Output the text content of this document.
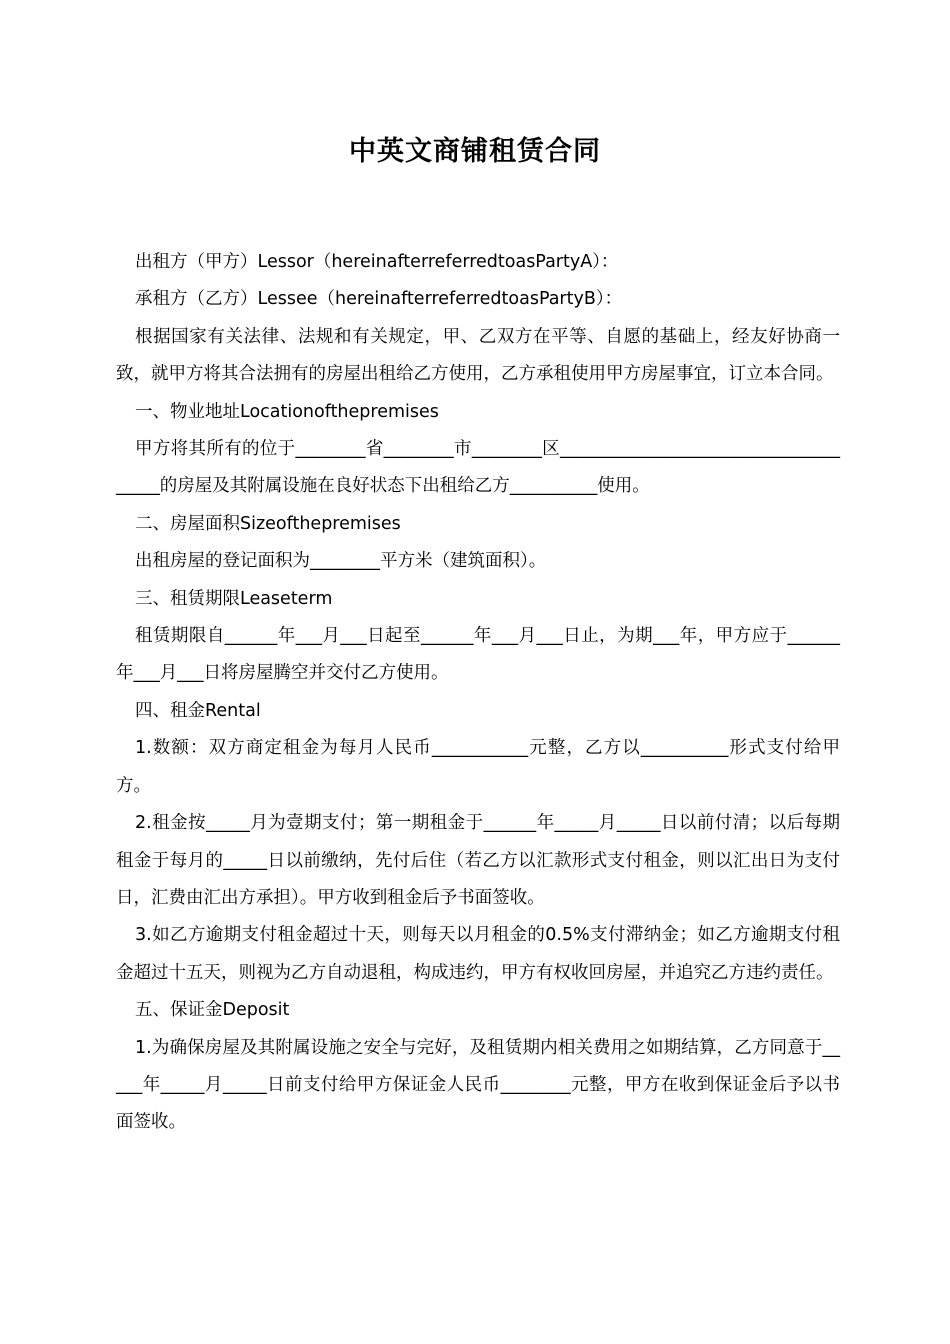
中英文商铺租赁合同

出租方（甲方）Lessor（hereinafterreferredtoasPartyA）：

承租方（乙方）Lessee（hereinafterreferredtoasPartyB）：

根据国家有关法律、法规和有关规定，甲、乙双方在平等、自愿的基础上，经友好协商一致，就甲方将其合法拥有的房屋出租给乙方使用，乙方承租使用甲方房屋事宜，订立本合同。

一、物业地址Locationofthepremises

甲方将其所有的位于________省________市________区_____________________________________的房屋及其附属设施在良好状态下出租给乙方__________使用。

二、房屋面积Sizeofthepremises

出租房屋的登记面积为________平方米（建筑面积）。

三、租赁期限Leaseterm

租赁期限自______年___月___日起至______年___月___日止，为期___年，甲方应于______年___月___日将房屋腾空并交付乙方使用。

四、租金Rental

1.数额：双方商定租金为每月人民币___________元整，乙方以__________形式支付给甲方。

2.租金按_____月为壹期支付；第一期租金于______年_____月_____日以前付清；以后每期租金于每月的_____日以前缴纳，先付后住（若乙方以汇款形式支付租金，则以汇出日为支付日，汇费由汇出方承担）。甲方收到租金后予书面签收。

3.如乙方逾期支付租金超过十天，则每天以月租金的0.5%支付滞纳金；如乙方逾期支付租金超过十五天，则视为乙方自动退租，构成违约，甲方有权收回房屋，并追究乙方违约责任。

五、保证金Deposit

1.为确保房屋及其附属设施之安全与完好，及租赁期内相关费用之如期结算，乙方同意于_____年_____月_____日前支付给甲方保证金人民币________元整，甲方在收到保证金后予以书面签收。
